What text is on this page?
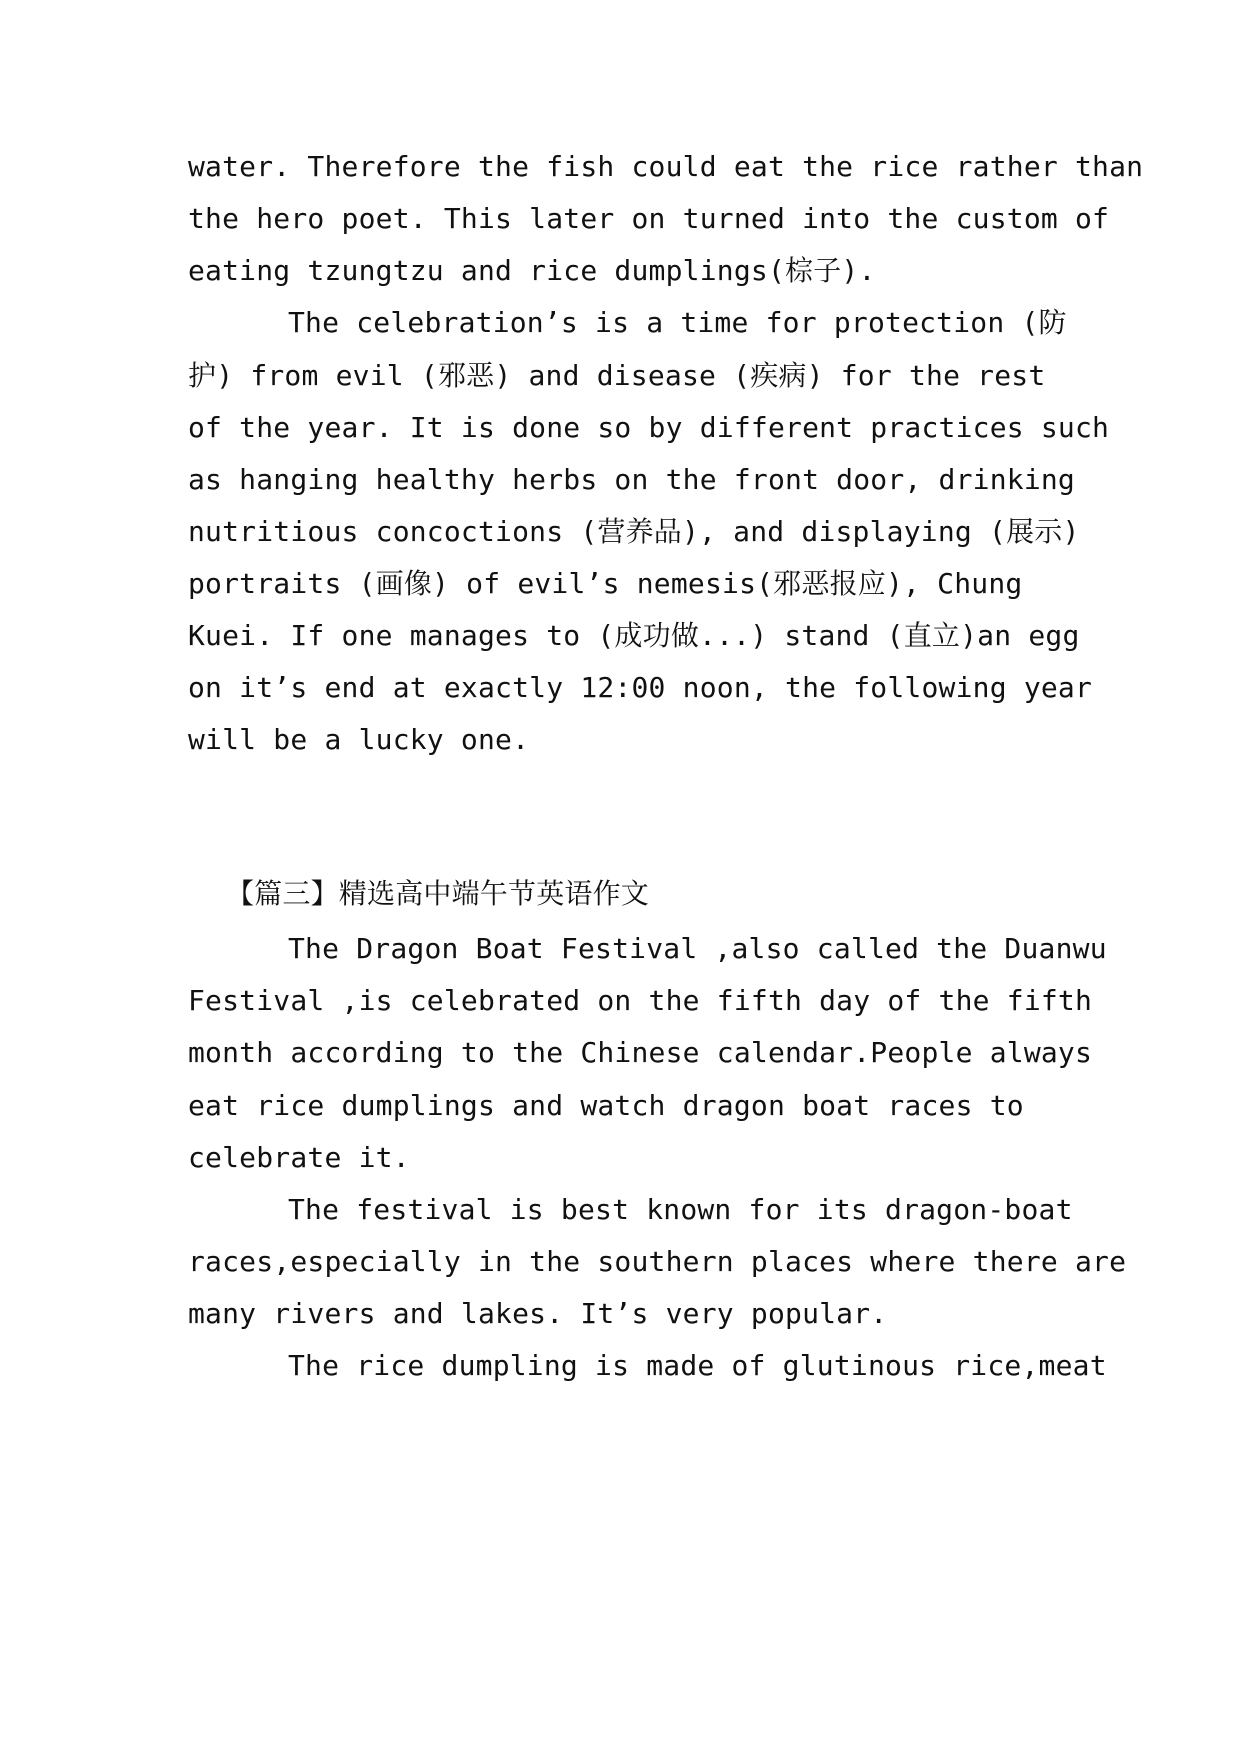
water. Therefore the fish could eat the rice rather than
the hero poet. This later on turned into the custom of
eating tzungtzu and rice dumplings(棕子).
The celebration’s is a time for protection (防
护) from evil (邪恶) and disease (疾病) for the rest
of the year. It is done so by different practices such
as hanging healthy herbs on the front door, drinking
nutritious concoctions (营养品), and displaying (展示)
portraits (画像) of evil’s nemesis(邪恶报应), Chung
Kuei. If one manages to (成功做...) stand (直立)an egg
on it’s end at exactly 12:00 noon, the following year
will be a lucky one.
【篇三】精选高中端午节英语作文
The Dragon Boat Festival ,also called the Duanwu
Festival ,is celebrated on the fifth day of the fifth
month according to the Chinese calendar.People always
eat rice dumplings and watch dragon boat races to
celebrate it.
The festival is best known for its dragon-boat
races,especially in the southern places where there are
many rivers and lakes. It’s very popular.
The rice dumpling is made of glutinous rice,meat
